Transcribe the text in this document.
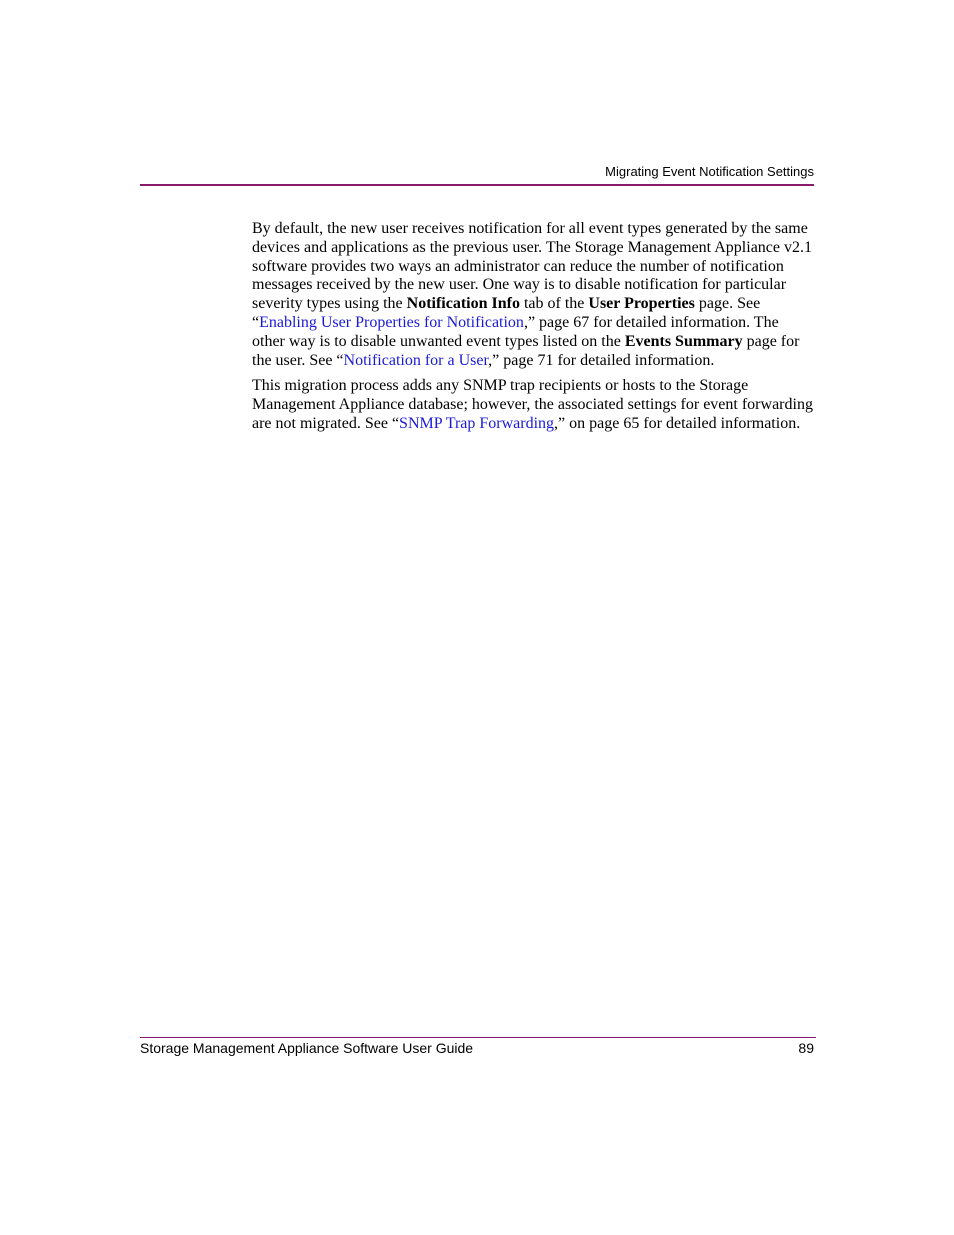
Migrating Event Notification Settings

By default, the new user receives notification for all event types generated by the same devices and applications as the previous user. The Storage Management Appliance v2.1 software provides two ways an administrator can reduce the number of notification messages received by the new user. One way is to disable notification for particular severity types using the Notification Info tab of the User Properties page. See “Enabling User Properties for Notification,” page 67 for detailed information. The other way is to disable unwanted event types listed on the Events Summary page for the user. See “Notification for a User,” page 71 for detailed information.

This migration process adds any SNMP trap recipients or hosts to the Storage Management Appliance database; however, the associated settings for event forwarding are not migrated. See “SNMP Trap Forwarding,” on page 65 for detailed information.

Storage Management Appliance Software User Guide	89
